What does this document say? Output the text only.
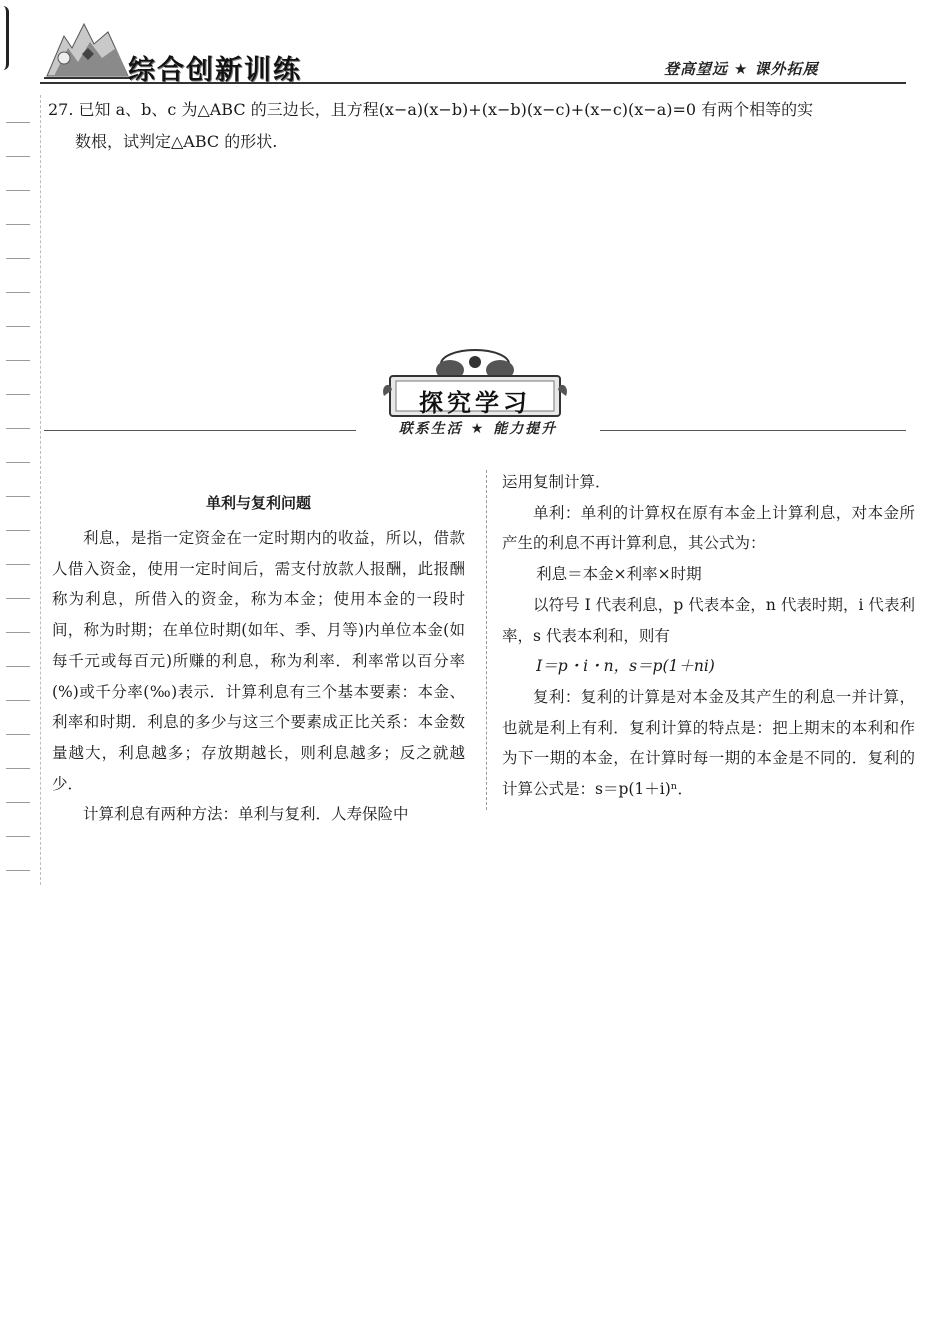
综合创新训练	登高望远 ★ 课外拓展

27. 已知 a、b、c 为△ABC 的三边长，且方程(x−a)(x−b)+(x−b)(x−c)+(x−c)(x−a)=0 有两个相等的实

数根，试判定△ABC 的形状.

探究学习
联系生活 ★ 能力提升
单利与复利问题

利息，是指一定资金在一定时期内的收益，所以，借款人借入资金，使用一定时间后，需支付放款人报酬，此报酬称为利息，所借入的资金，称为本金；使用本金的一段时间，称为时期；在单位时期(如年、季、月等)内单位本金(如每千元或每百元)所赚的利息，称为利率．利率常以百分率(%)或千分率(‰)表示．计算利息有三个基本要素：本金、利率和时期．利息的多少与这三个要素成正比关系：本金数量越大，利息越多；存放期越长，则利息越多；反之就越少．

计算利息有两种方法：单利与复利．人寿保险中

运用复制计算．

单利：单利的计算权在原有本金上计算利息，对本金所产生的利息不再计算利息，其公式为：

利息＝本金×利率×时期

以符号 I 代表利息，p 代表本金，n 代表时期，i 代表利率，s 代表本利和，则有

I＝p・i・n，s＝p(1＋ni)

复利：复利的计算是对本金及其产生的利息一并计算，也就是利上有利．复利计算的特点是：把上期末的本利和作为下一期的本金，在计算时每一期的本金是不同的．复利的计算公式是：s＝p(1＋i)ⁿ．
